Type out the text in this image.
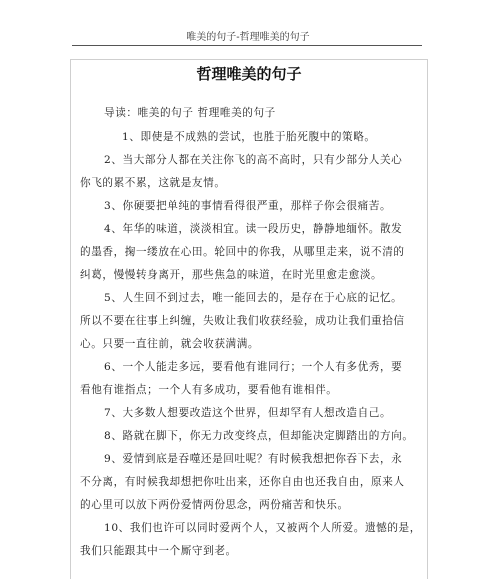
唯美的句子-哲理唯美的句子
哲理唯美的句子
导读：唯美的句子 哲理唯美的句子
1、即使是不成熟的尝试，也胜于胎死腹中的策略。
2、当大部分人都在关注你飞的高不高时，只有少部分人关心
你飞的累不累，这就是友情。
3、你硬要把单纯的事情看得很严重，那样子你会很痛苦。
4、年华的味道，淡淡相宜。读一段历史，静静地缅怀。散发
的墨香，掬一缕放在心田。轮回中的你我，从哪里走来，说不清的
纠葛，慢慢转身离开，那些焦急的味道，在时光里愈走愈淡。
5、人生回不到过去，唯一能回去的，是存在于心底的记忆。
所以不要在往事上纠缠，失败让我们收获经验，成功让我们重拾信
心。只要一直往前，就会收获满满。
6、一个人能走多远，要看他有谁同行；一个人有多优秀，要
看他有谁指点；一个人有多成功，要看他有谁相伴。
7、大多数人想要改造这个世界，但却罕有人想改造自己。
8、路就在脚下，你无力改变终点，但却能决定脚踏出的方向。
9、爱情到底是吞噬还是回吐呢？有时候我想把你吞下去，永
不分离，有时候我却想把你吐出来，还你自由也还我自由，原来人
的心里可以放下两份爱情两份思念，两份痛苦和快乐。
10、我们也许可以同时爱两个人，又被两个人所爱。遗憾的是，
我们只能跟其中一个厮守到老。
